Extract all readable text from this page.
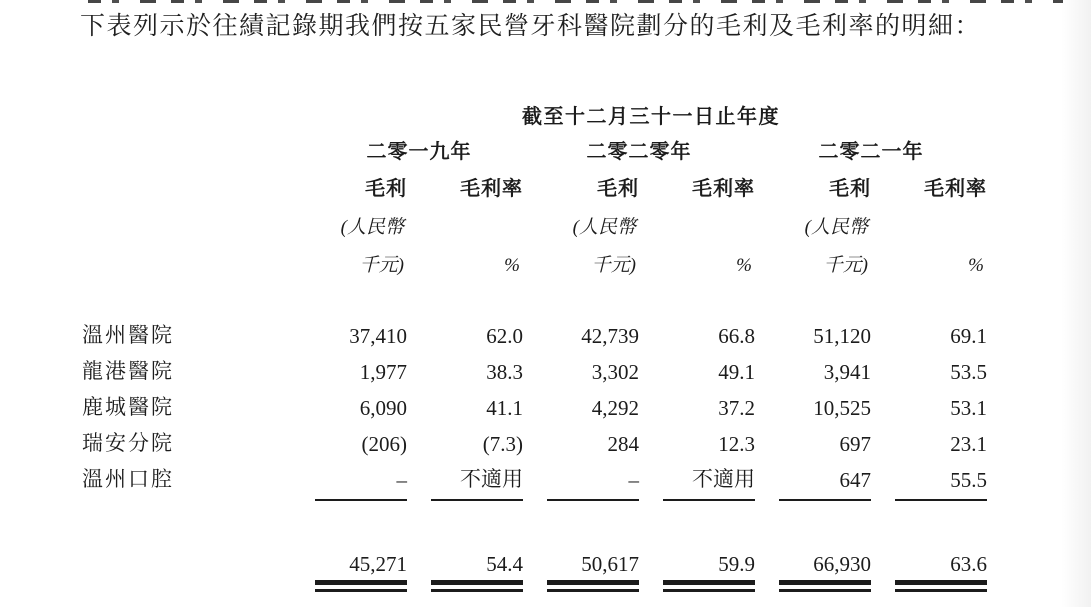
下表列示於往績記錄期我們按五家民營牙科醫院劃分的毛利及毛利率的明細：
	截至十二月三十一日止年度					
	二零一九年		二零二零年		二零二一年	
	毛利	毛利率	毛利	毛利率	毛利	毛利率
	(人民幣		(人民幣		(人民幣	
	千元)	%	千元)	%	千元)	%

溫州醫院	37,410	62.0	42,739	66.8	51,120	69.1
龍港醫院	1,977	38.3	3,302	49.1	3,941	53.5
鹿城醫院	6,090	41.1	4,292	37.2	10,525	53.1
瑞安分院	(206)	(7.3)	284	12.3	697	23.1
溫州口腔	–	不適用	–	不適用	647	55.5

	45,271	54.4	50,617	59.9	66,930	63.6
